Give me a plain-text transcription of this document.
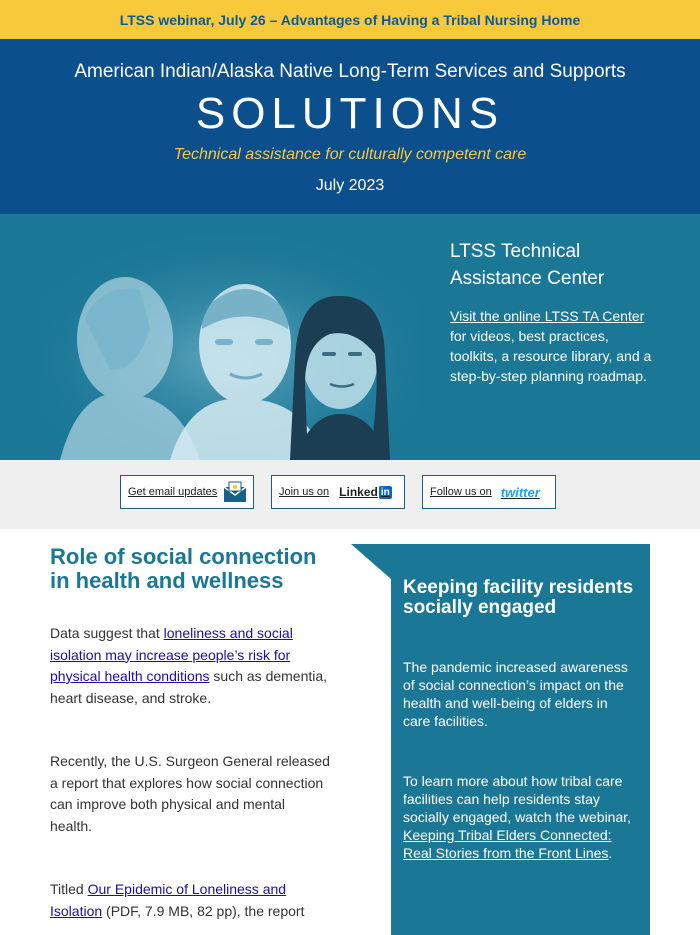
LTSS webinar, July 26 – Advantages of Having a Tribal Nursing Home
American Indian/Alaska Native Long-Term Services and Supports
SOLUTIONS
Technical assistance for culturally competent care
July 2023
LTSS Technical Assistance Center

Visit the online LTSS TA Center for videos, best practices, toolkits, a resource library, and a step-by-step planning roadmap.

Get email updates	Join us on Linked in	Follow us on twitter
Role of social connection in health and wellness

Data suggest that loneliness and social isolation may increase people’s risk for physical health conditions such as dementia, heart disease, and stroke.

Recently, the U.S. Surgeon General released a report that explores how social connection can improve both physical and mental health.

Titled Our Epidemic of Loneliness and Isolation (PDF, 7.9 MB, 82 pp), the report

Keeping facility residents socially engaged

The pandemic increased awareness of social connection’s impact on the health and well-being of elders in care facilities.

To learn more about how tribal care facilities can help residents stay socially engaged, watch the webinar, Keeping Tribal Elders Connected: Real Stories from the Front Lines.
